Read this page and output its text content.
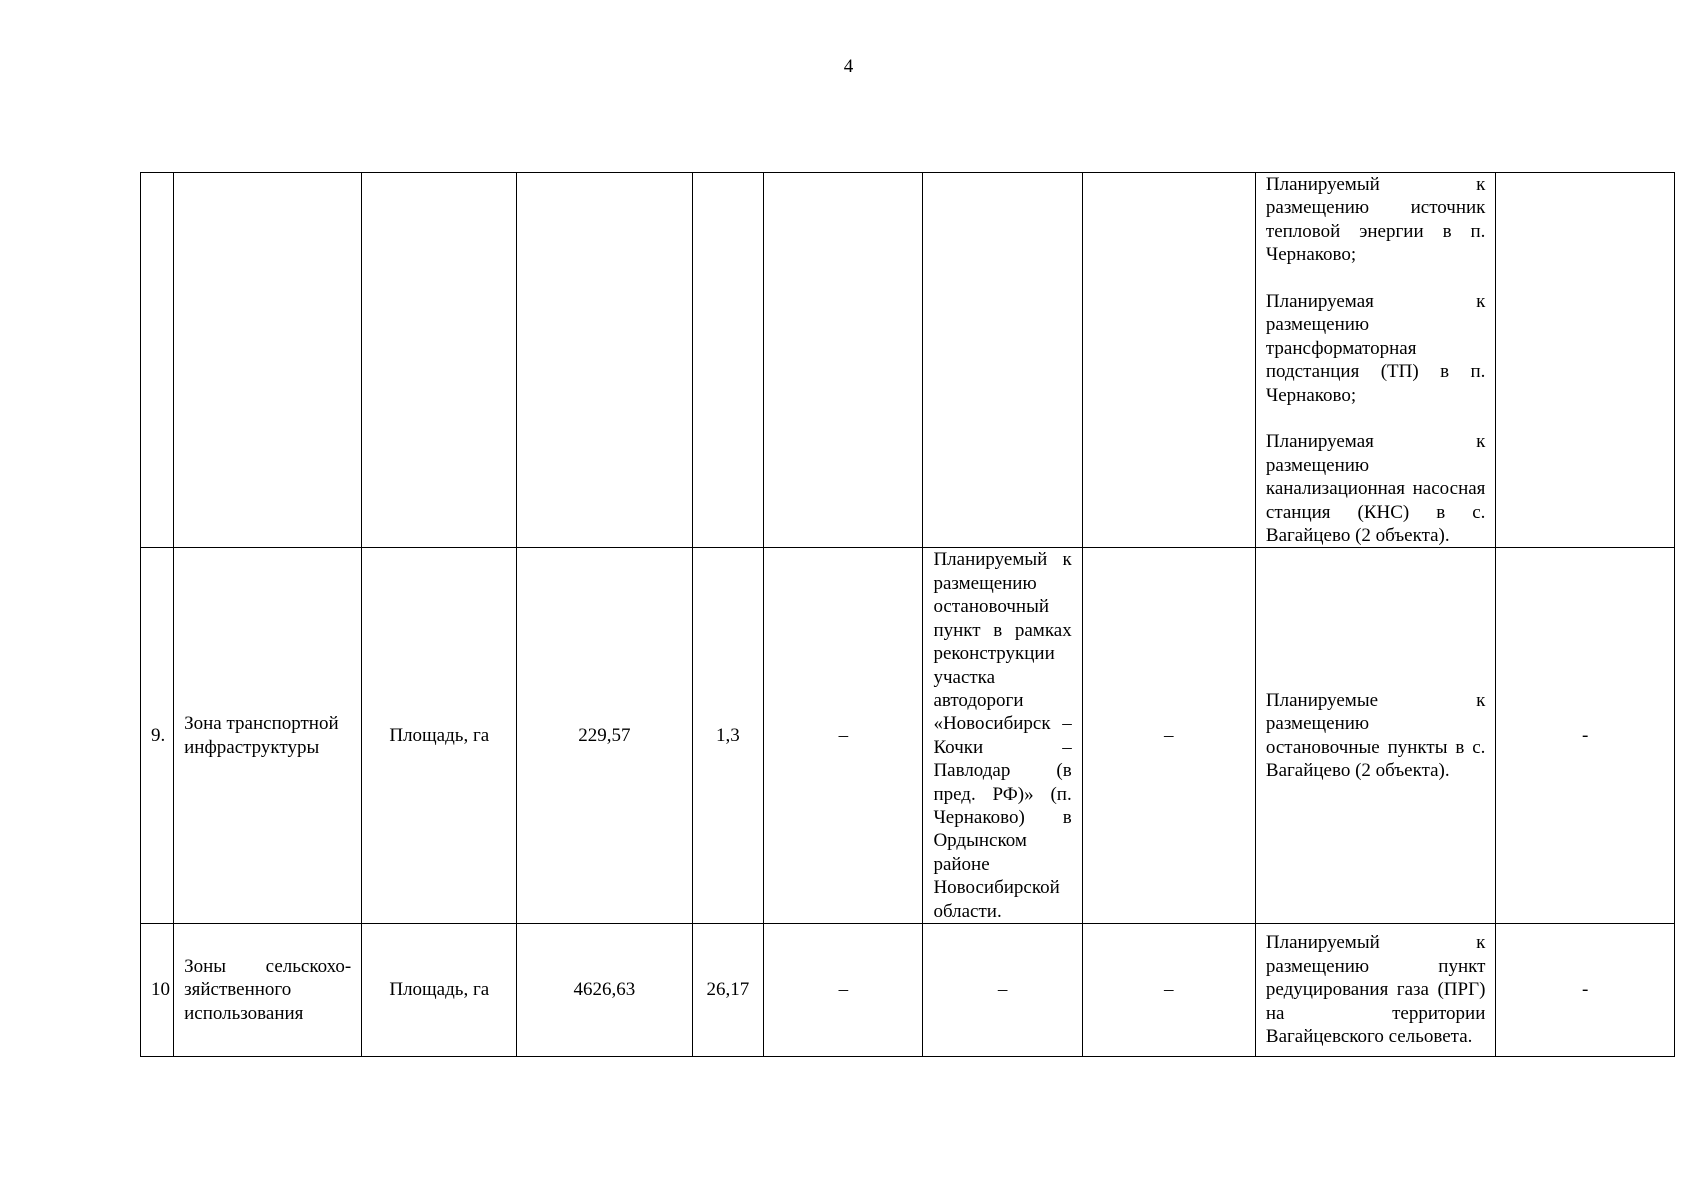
4

								Планируемый к размещению источник тепловой энергии в п. Чернаково;
Планируемая к размещению трансформаторная подстанция (ТП) в п. Чернаково;
Планируемая к размещению канализационная насосная станция (КНС) в с. Вагайцево (2 объекта).	

9.	Зона транспортной инфраструктуры	Площадь, га	229,57	1,3	–	Планируемый к размещению остановочный пункт в рамках реконструкции участка автодороги «Новосибирск – Кочки – Павлодар (в пред. РФ)» (п. Чернаково) в Ордынском районе Новосибирской области.	–	Планируемые к размещению остановочные пункты в с. Вагайцево (2 объекта).	-
10	Зоны сельскохо-зяйственного использования	Площадь, га	4626,63	26,17	–	–	–	Планируемый к размещению пункт редуцирования газа (ПРГ) на территории Вагайцевского сельовета.	-
